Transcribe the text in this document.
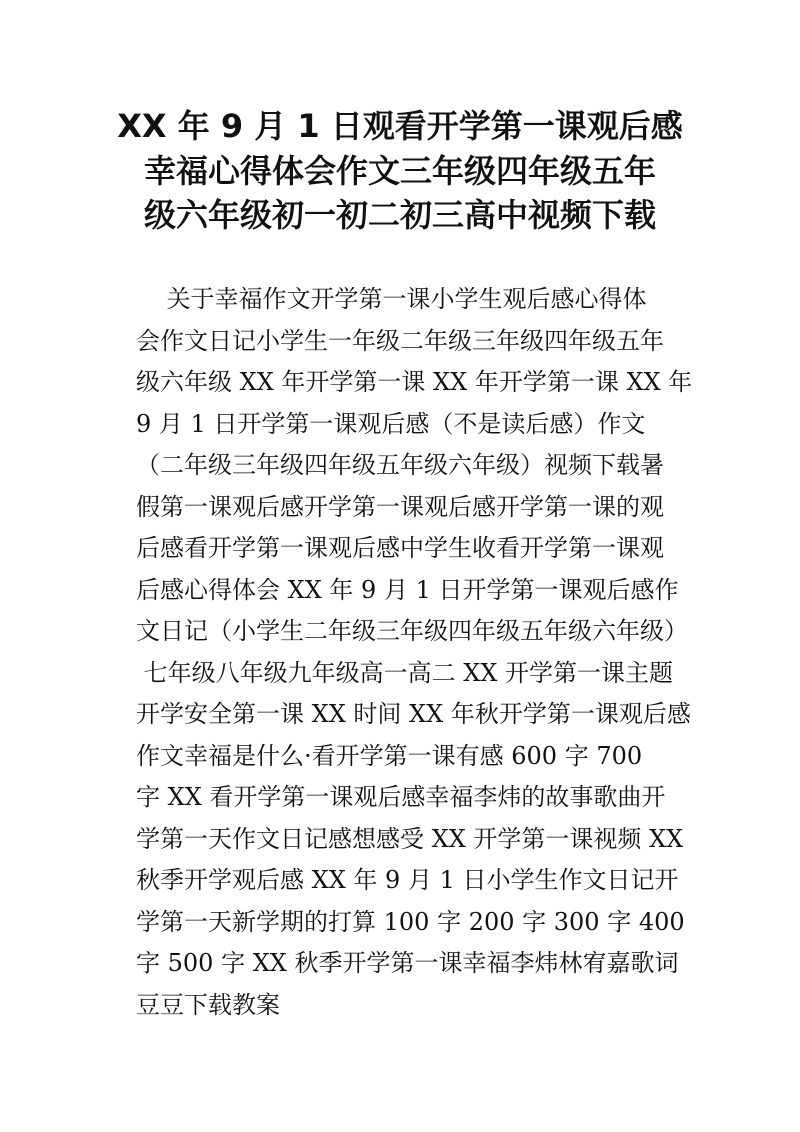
XX 年 9 月 1 日观看开学第一课观后感
幸福心得体会作文三年级四年级五年
级六年级初一初二初三高中视频下载
关于幸福作文开学第一课小学生观后感心得体
会作文日记小学生一年级二年级三年级四年级五年
级六年级 XX 年开学第一课 XX 年开学第一课 XX 年
9 月 1 日开学第一课观后感（不是读后感）作文
（二年级三年级四年级五年级六年级）视频下载暑
假第一课观后感开学第一课观后感开学第一课的观
后感看开学第一课观后感中学生收看开学第一课观
后感心得体会 XX 年 9 月 1 日开学第一课观后感作
文日记（小学生二年级三年级四年级五年级六年级）
七年级八年级九年级高一高二 XX 开学第一课主题
开学安全第一课 XX 时间 XX 年秋开学第一课观后感
作文幸福是什么·看开学第一课有感 600 字 700
字 XX 看开学第一课观后感幸福李炜的故事歌曲开
学第一天作文日记感想感受 XX 开学第一课视频 XX
秋季开学观后感 XX 年 9 月 1 日小学生作文日记开
学第一天新学期的打算 100 字 200 字 300 字 400
字 500 字 XX 秋季开学第一课幸福李炜林宥嘉歌词
豆豆下载教案
